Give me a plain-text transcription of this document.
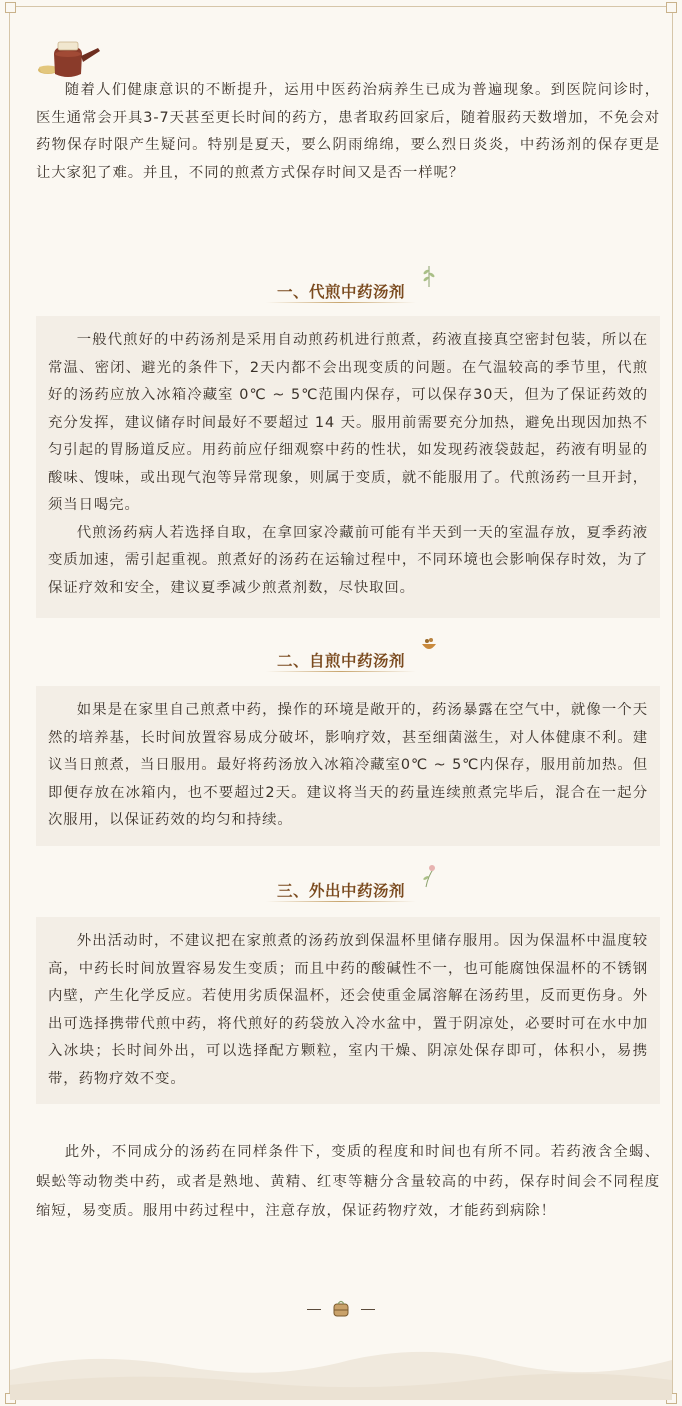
随着人们健康意识的不断提升，运用中医药治病养生已成为普遍现象。到医院问诊时，医生通常会开具3-7天甚至更长时间的药方，患者取药回家后，随着服药天数增加，不免会对药物保存时限产生疑问。特别是夏天，要么阴雨绵绵，要么烈日炎炎，中药汤剂的保存更是让大家犯了难。并且，不同的煎煮方式保存时间又是否一样呢？
一、代煎中药汤剂
一般代煎好的中药汤剂是采用自动煎药机进行煎煮，药液直接真空密封包装，所以在常温、密闭、避光的条件下，2天内都不会出现变质的问题。在气温较高的季节里，代煎好的汤药应放入冰箱冷藏室 0℃ ~ 5℃范围内保存，可以保存30天，但为了保证药效的充分发挥，建议储存时间最好不要超过 14 天。服用前需要充分加热，避免出现因加热不匀引起的胃肠道反应。用药前应仔细观察中药的性状，如发现药液袋鼓起，药液有明显的酸味、馊味，或出现气泡等异常现象，则属于变质，就不能服用了。代煎汤药一旦开封，须当日喝完。
代煎汤药病人若选择自取，在拿回家冷藏前可能有半天到一天的室温存放，夏季药液变质加速，需引起重视。煎煮好的汤药在运输过程中，不同环境也会影响保存时效，为了保证疗效和安全，建议夏季减少煎煮剂数，尽快取回。
二、自煎中药汤剂
如果是在家里自己煎煮中药，操作的环境是敞开的，药汤暴露在空气中，就像一个天然的培养基，长时间放置容易成分破坏，影响疗效，甚至细菌滋生，对人体健康不利。建议当日煎煮，当日服用。最好将药汤放入冰箱冷藏室0℃ ~ 5℃内保存，服用前加热。但即便存放在冰箱内，也不要超过2天。建议将当天的药量连续煎煮完毕后，混合在一起分次服用，以保证药效的均匀和持续。
三、外出中药汤剂
外出活动时，不建议把在家煎煮的汤药放到保温杯里储存服用。因为保温杯中温度较高，中药长时间放置容易发生变质；而且中药的酸碱性不一，也可能腐蚀保温杯的不锈钢内壁，产生化学反应。若使用劣质保温杯，还会使重金属溶解在汤药里，反而更伤身。外出可选择携带代煎中药，将代煎好的药袋放入冷水盆中，置于阴凉处，必要时可在水中加入冰块；长时间外出，可以选择配方颗粒，室内干燥、阴凉处保存即可，体积小，易携带，药物疗效不变。
此外，不同成分的汤药在同样条件下，变质的程度和时间也有所不同。若药液含全蝎、蜈蚣等动物类中药，或者是熟地、黄精、红枣等糖分含量较高的中药，保存时间会不同程度缩短，易变质。服用中药过程中，注意存放，保证药物疗效，才能药到病除！
